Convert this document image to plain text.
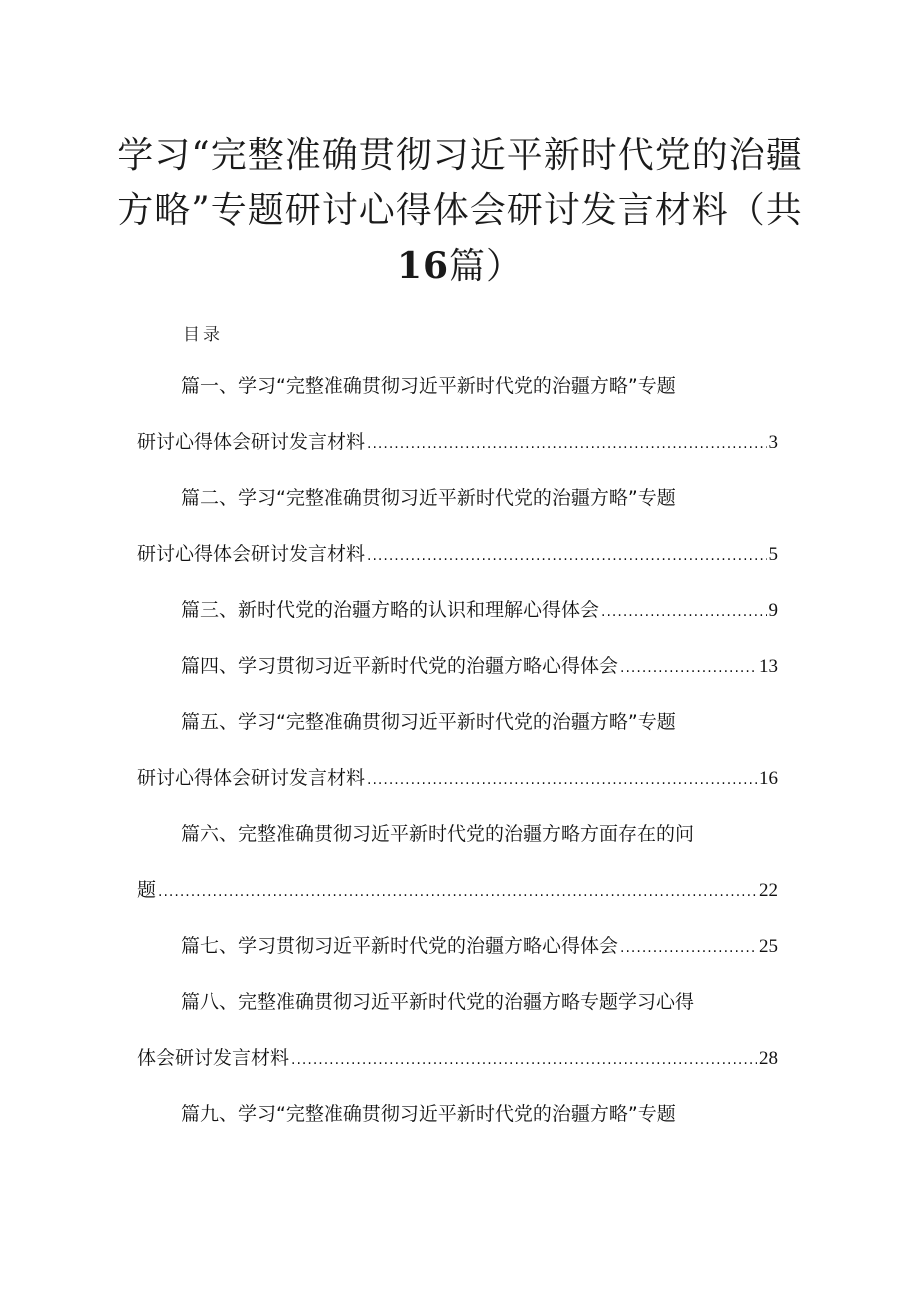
学习“完整准确贯彻习近平新时代党的治疆
方略”专题研讨心得体会研讨发言材料（共
16篇）
目录
篇一、学习“完整准确贯彻习近平新时代党的治疆方略”专题
研讨心得体会研讨发言材料 .....	3
篇二、学习“完整准确贯彻习近平新时代党的治疆方略”专题
研讨心得体会研讨发言材料 .....	5
篇三、新时代党的治疆方略的认识和理解心得体会 .....	9
篇四、学习贯彻习近平新时代党的治疆方略心得体会 .....	13
篇五、学习“完整准确贯彻习近平新时代党的治疆方略”专题
研讨心得体会研讨发言材料 .....	16
篇六、完整准确贯彻习近平新时代党的治疆方略方面存在的问
题 .....	22
篇七、学习贯彻习近平新时代党的治疆方略心得体会 .....	25
篇八、完整准确贯彻习近平新时代党的治疆方略专题学习心得
体会研讨发言材料 .....	28
篇九、学习“完整准确贯彻习近平新时代党的治疆方略”专题
